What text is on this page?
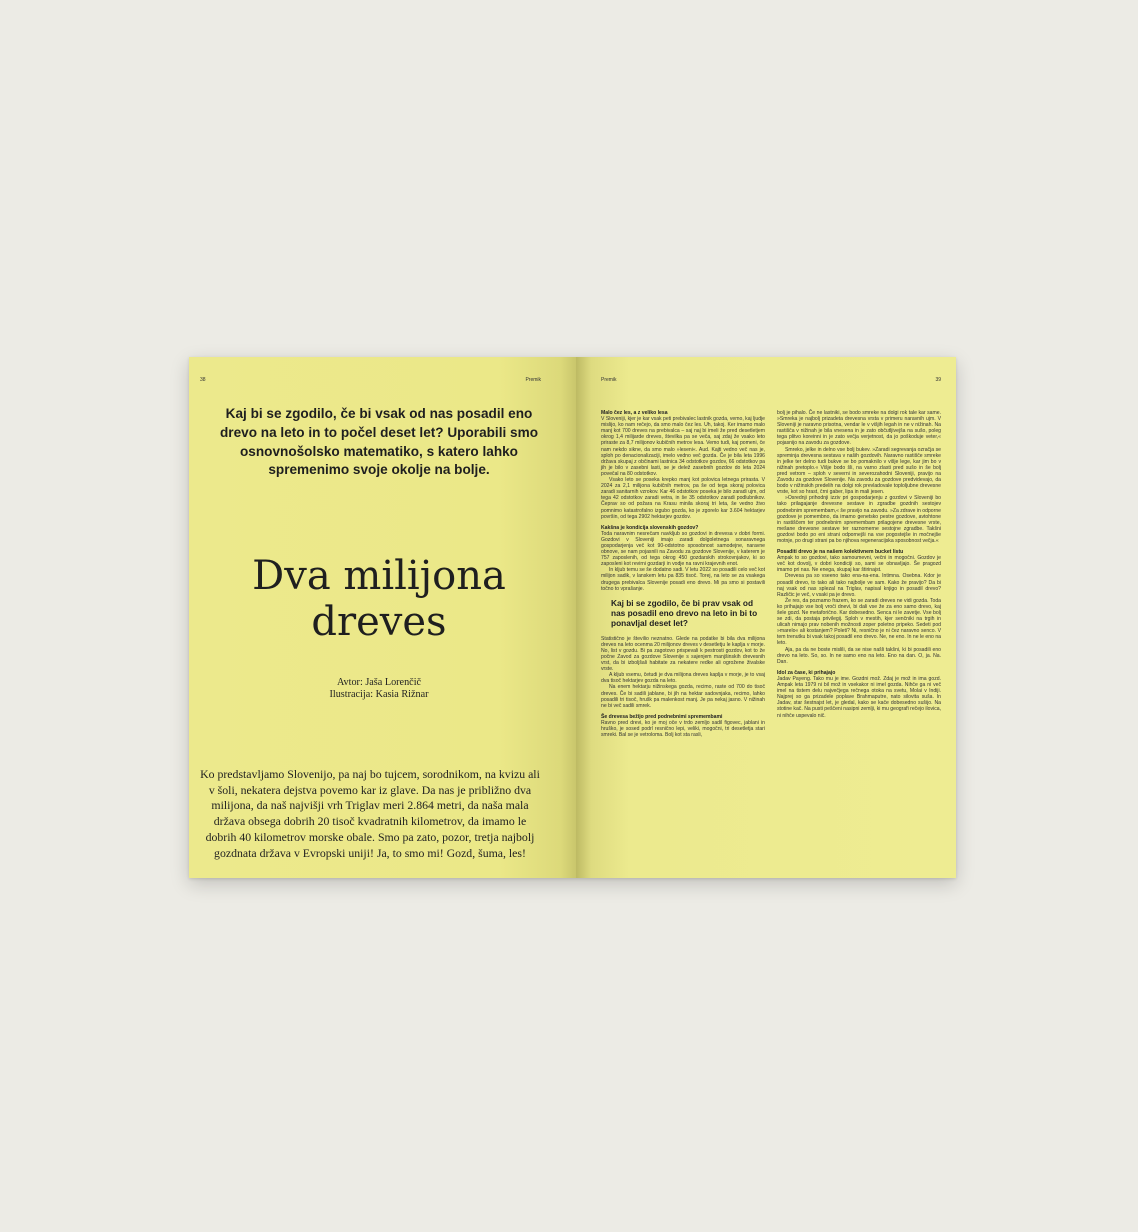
38	Premik
Kaj bi se zgodilo, če bi vsak od nas posadil eno drevo na leto in to počel deset let? Uporabili smo osnovnošolsko matematiko, s katero lahko spremenimo svoje okolje na bolje.
Dva milijona
dreves
Avtor: Jaša Lorenčič
Ilustracija: Kasia Rižnar
Ko predstavljamo Slovenijo, pa naj bo tujcem, sorodnikom, na kvizu ali v šoli, nekatera dejstva povemo kar iz glave. Da nas je približno dva milijona, da naš najvišji vrh Triglav meri 2.864 metri, da naša mala država obsega dobrih 20 tisoč kvadratnih kilometrov, da imamo le dobrih 40 kilometrov morske obale. Smo pa zato, pozor, tretja najbolj gozdnata država v Evropski uniji! Ja, to smo mi! Gozd, šuma, les!
Premik	39

Malo čez les, a z veliko lesa

V Sloveniji, kjer je kar vsak peti prebivalec lastnik gozda, vemo, kaj ljudje mislijo, ko nam rečejo, da smo malo čez les. Uh, takoj. Ker imamo malo manj kot 700 dreves na prebivalca – saj naj bi imeli že pred desetletjem okrog 1,4 milijarde dreves, številka pa se veča, saj zdaj že vsako leto priraste za 8,7 milijonov kubičnih metrov lesa. Vemo tudi, kaj pomeni, če nam nekdo sikne, da smo malo »leseni«. Aud. Kajti vedno več nas je, sploh po denacionalizaciji, imelo vedno več gozda. Če je bila leta 1996 država skupaj z občinami lastnica 34 odstotkov gozdov, 66 odstotkov pa jih je bilo v zasebni lasti, se je delež zasebnih gozdov do leta 2024 povečal na 80 odstotkov.

Vsako leto se poseka krepko manj kot polovica letnega prirasta. V 2024 za 2,1 milijona kubičnih metrov, pa še od tega skoraj polovica zaradi sanitarnih vzrokov. Kar 46 odstotkov poseka je bilo zaradi ujm, od tega 42 odstotkov zaradi vetra, in še 35 odstotkov zaradi podlubnikov. Čeprav so od požara na Krasu minila skoraj tri leta, še vedno živo pomnimo katastrofalno izgubo gozda, ko je zgorelo kar 3.604 hektarjev površin, od tega 2902 hektarjev gozdov.

Kakšna je kondicija slovenskih gozdov?

Toda naravnim nesrečam navkljub so gozdovi in drevesa v dobri formi. Gozdovi v Sloveniji imajo zaradi dolgoletnega sonaravnega gospodarjenja več kot 90-odstotno sposobnost samodejne, naravne obnove, se nam pojasnili na Zavodu za gozdove Slovenije, v katerem je 757 zaposlenih, od tega okrog 450 gozdarskih strokovnjakov, ki so zaposleni kot revirni gozdarji in vodje na ravni krajevnih enot.

In kljub temu se še dodatno sadi. V letu 2022 so posadili celo več kot milijon sadik, v lanskem letu pa 835 tisoč. Torej, na leto se za vsakega drugega prebivalca Slovenije posadi eno drevo. Mi pa smo si postavili točno to vprašanje.

Kaj bi se zgodilo, če bi prav vsak od nas posadil eno drevo na leto in bi to ponavljal deset let?

Statistično je številio neznatno. Glede na podatke bi bila dva milijona dreves na leto ocenma 20 milijonov dreves v desetletju le kaplja v morje. No, list v gozdu. Bi pa zagotovo prispevali k pestrosti gozdov, kot to že počne Zavod za gozdove Slovenije s sajenjem manjšinskih drevesnih vrst, da bi izboljšali habitate za nekatere redke ali ogrožene živalske vrste.

A kljub vsemu, četudi je dva milijona dreves kaplja v morje, je to vsaj dva tisoč hektarjev gozda na leto.

Na enem hektarju nižinskega gozda, recimo, raste od 700 do tisoč dreves. Če bi sadili jablane, bi jih na hektar sadovnjaka, recimo, lahko posadili tri tisoč, hrušk pa malenkost manj. Je pa nekaj jasno. V nižinah ne bi več sadili smrek.

Še drevesa bežijo pred podnebnimi spremembami

Ravno pred drevi, ko je moj oče v trdo zemljo sadil figovec, jablani in hruško, je sosed podrl resnično lepi, veliki, mogočni, tri desetletja stari smreki. Bal se je vetroloma. Bolj kot sta rasli,

bolj je pihalo. Če ne lastniki, se bodo smreke na dolgi rok tale kar same. »Smreka je najbolj prizadeta drevesna vrsta v primeru naravnih ujm. V Sloveniji je naravno prisotna, vendar le v višjih legah in ne v nižinah. Na rastišča v nižinah je bila vnesena in je zato občutljivejša na sušo, poleg tega plitvo koreinni in je zato večja verjetnost, da jo poškoduje veter,« pojasnijo na zavodu za gozdove.

Smreko, jelke in delno vse bolj bukev. »Zaradi segrevanja ozračja se spreminja drevesna sestava v naših gozdovih. Naravno rastišče smreke in jelke ter delno tudi bukve se bo pomaknilo v višje lege, kar jim bo v nižinah pretoplo.« Višje bodo šli, na varno zlasti pred sušo in še bolj pred vetrom – sploh v severni in severozahodni Sloveniji, pravijo na Zavodu za gozdove Slovenije. Na zavodu za gozdove predvidevajo, da bodo v nižinskih predelih na dolgi rok prevladovale toploljubne drevesne vrste, kot so hrast, črni gaber, lipa in mali jesen.

»Osrednji prihodnji izziv pri gospodarjenju z gozdovi v Sloveniji bo tako prilagajanje drevesne sestave in zgradbe gozdnih sestojev podnebnim spremembam,« še pravijo na zavodu. »Za zdrave in odporne gozdove je pomembno, da imamo genetsko pestre gozdove, avtohtone in rastiščem ter podnebnim spremembam prilagojene drevesne vrste, mešane drevesne sestave ter raznomerne sestojne zgradbe. Takšni gozdovi bodo po eni strani odpornejši na vse pogostejše in močnejše motnje, po drugi strani pa bo njihova regeneracijska sposobnost večja.«

Posaditi drevo je na našem kolektivnem bucket listu

Ampak to so gozdovi, tako samoumevni, večni in mogočni. Gozdov je več kot dovolj, v dobri kondiciji so, sami se obnavljajo. Še pragozd imamo pri nas. Ne enega, skupaj kar štirinajst.

Drevesa pa so vseeno tako ena-na-ena. Intimna. Osebna. Kdor je posadil drevo, to tako ali tako najbolje ve sam. Kako že pravijo? Da bi naj vsak od nas splezal na Triglav, napisal knjigo in posadil drevo? Različic je več, v vsaki pa je drevo.

Že res, da poznamo frazem, ko se zaradi dreves ne vidi gozda. Toda ko prihajajo vse bolj vroči dnevi, bi dali vse že za eno samo drevo, kaj šele gozd. Ne metaforično. Kar dobesedno. Senca ni le zavetje. Vse bolj se zdi, da postaja privilegij. Sploh v mestih, kjer senčniki na trgih in ulicah nimajo prav nobenih možnosti zoper poletno pripeko. Sedeti pod »marelo« ali kostanjem? Poleti? Ni, resnično je ni čez naravno senco. V tem trenutku bi vsak takoj posadil eno drevo. Ne, ne eno. In ne le eno na leto.

Aja, pa da ne boste mislili, da se nise našli takšni, ki bi posadili eno drevo na leto. So, so. In ne samo eno na leto. Eno na dan. O, ja. Na. Dan.

Idol za čase, ki prihajajo

Jadav Payeng. Tako mu je ime. Gozdni mož. Zdaj je mož in ima gozd. Ampak leta 1979 ni bil mož in vsekakor ni imel gozda. Nihče ga ni več imel na tistem delu največjega rečnega otoka na svetu, Molai v Indiji. Najprej so ga prizadele poplave Brahmaputre, nato silovita suša. In Jadav, star šestnajst let, je gledal, kako se kače dobesedno sušijo. Na stotine kač. Na pusti peščeni nasipni zemlji, ki mu geografi rečejo ilovica, ni nihče uspevalo nič.
